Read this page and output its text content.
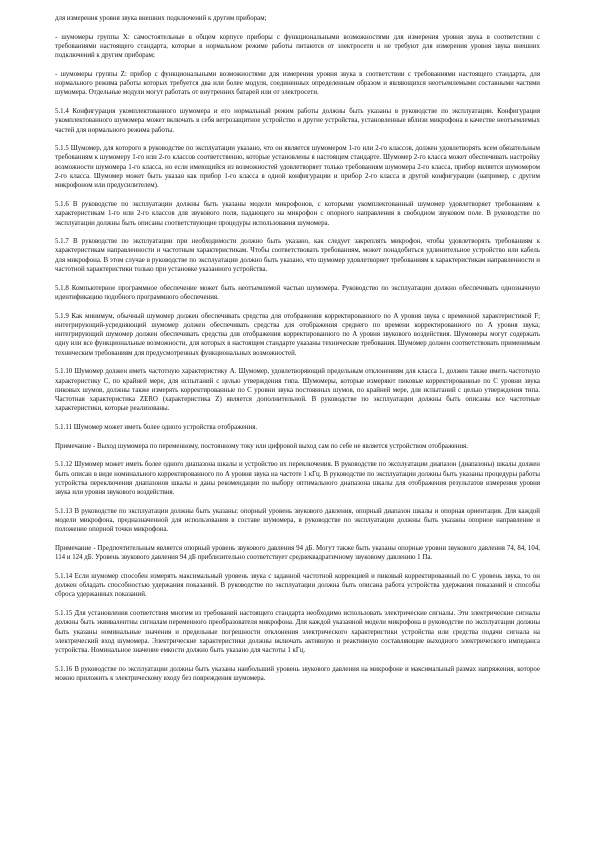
для измерения уровня звука внешних подключений к другим приборам;

- шумомеры группы X: самостоятельные в общем корпусе приборы с функциональными возможностями для измерения уровня звука в соответствии с требованиями настоящего стандарта, которые в нормальном режиме работы питаются от электросети и не требуют для измерения уровня звука внешних подключений к другим приборам;

- шумомеры группы Z: прибор с функциональными возможностями для измерения уровня звука в соответствии с требованиями настоящего стандарта, для нормального режима работы которых требуется два или более модуля, соединенных определенным образом и являющихся неотъемлемыми составными частями шумомера. Отдельные модули могут работать от внутренних батарей или от электросети.

5.1.4 Конфигурация укомплектованного шумомера и его нормальный режим работы должны быть указаны в руководстве по эксплуатации. Конфигурация укомплектованного шумомера может включать в себя ветрозащитное устройство и другие устройства, установленные вблизи микрофона в качестве неотъемлемых частей для нормального режима работы.

5.1.5 Шумомер, для которого в руководстве по эксплуатации указано, что он является шумомером 1-го или 2-го классов, должен удовлетворять всем обязательным требованиям к шумомеру 1-го или 2-го классов соответственно, которые установлены в настоящем стандарте. Шумомер 2-го класса может обеспечивать настройку возможности шумомера 1-го класса, но если имеющийся из возможностей удовлетворяет только требованиям шумомера 2-го класса, прибор является шумомером 2-го класса. Шумомер может быть указан как прибор 1-го класса в одной конфигурации и прибор 2-го класса в другой конфигурации (например, с другим микрофоном или предусилителем).

5.1.6 В руководстве по эксплуатации должны быть указаны модели микрофонов, с которыми укомплектованный шумомер удовлетворяет требованиям к характеристикам 1-го или 2-го классов для звукового поля, падающего на микрофон с опорного направления в свободном звуковом поле. В руководстве по эксплуатации должны быть описаны соответствующие процедуры использования шумомера.

5.1.7 В руководстве по эксплуатации при необходимости должно быть указано, как следует закреплять микрофон, чтобы удовлетворять требованиям к характеристикам направленности и частотным характеристикам. Чтобы соответствовать требованиям, может понадобиться удлинительное устройство или кабель для микрофона. В этом случае в руководстве по эксплуатации должно быть указано, что шумомер удовлетворяет требованиям к характеристикам направленности и частотной характеристики только при установке указанного устройства.

5.1.8 Компьютерное программное обеспечение может быть неотъемлемой частью шумомера. Руководство по эксплуатации должно обеспечивать однозначную идентификацию подобного программного обеспечения.

5.1.9 Как минимум, обычный шумомер должен обеспечивать средства для отображения корректированного по A уровня звука с временной характеристикой F; интегрирующий-усредняющий шумомер должен обеспечивать средства для отображения среднего по времени корректированного по A уровня звука; интегрирующий шумомер должен обеспечивать средства для отображения корректированного по A уровня звукового воздействия. Шумомеры могут содержать одну или все функциональные возможности, для которых в настоящем стандарте указаны технические требования. Шумомер должен соответствовать применимым техническим требованиям для предусмотренных функциональных возможностей.

5.1.10 Шумомер должен иметь частотную характеристику A. Шумомер, удовлетворяющий предельным отклонениям для класса 1, должен также иметь частотную характеристику C, по крайней мере, для испытаний с целью утверждения типа. Шумомеры, которые измеряют пиковые корректированные по C уровни звука пиковых шумов, должны также измерять корректированные по C уровни звука постоянных шумов, по крайней мере, для испытаний с целью утверждения типа. Частотная характеристика ZERO (характеристика Z) является дополнительной. В руководстве по эксплуатации должны быть описаны все частотные характеристики, которые реализованы.

5.1.11 Шумомер может иметь более одного устройства отображения.

Примечание - Выход шумомера по переменному, постоянному току или цифровой выход сам по себе не является устройством отображения.

5.1.12 Шумомер может иметь более одного диапазона шкалы и устройство их переключения. В руководстве по эксплуатации диапазон (диапазоны) шкалы должен быть описан в виде номинального корректированного по A уровня звука на частоте 1 кГц. В руководстве по эксплуатации должны быть указаны процедуры работы устройства переключения диапазонов шкалы и даны рекомендации по выбору оптимального диапазона шкалы для отображения результатов измерения уровня звука или уровня звукового воздействия.

5.1.13 В руководстве по эксплуатации должны быть указаны: опорный уровень звукового давления, опорный диапазон шкалы и опорная ориентация. Для каждой модели микрофона, предназначенной для использования в составе шумомера, в руководстве по эксплуатации должны быть указаны опорное направление и положение опорной точки микрофона.

Примечание - Предпочтительным является опорный уровень звукового давления 94 дБ. Могут также быть указаны опорные уровни звукового давления 74, 84, 104, 114 и 124 дБ. Уровень звукового давления 94 дБ приблизительно соответствует среднеквадратичному звуковому давлению 1 Па.

5.1.14 Если шумомер способен измерять максимальный уровень звука с заданной частотной коррекцией и пиковый корректированный по C уровень звука, то он должен обладать способностью удержания показаний. В руководстве по эксплуатации должна быть описана работа устройства удержания показаний и способы сброса удержанных показаний.

5.1.15 Для установления соответствия многим из требований настоящего стандарта необходимо использовать электрические сигналы. Эти электрические сигналы должны быть эквивалентны сигналам переменного преобразователя микрофона. Для каждой указанной модели микрофона в руководстве по эксплуатации должны быть указаны номинальные значения и предельные погрешности отклонения электрического характеристики устройства или средства подачи сигнала на электрический вход шумомера. Электрические характеристики должны включать активную и реактивную составляющие выходного электрического импеданса устройства. Номинальное значение емкости должно быть указано для частоты 1 кГц.

5.1.16 В руководстве по эксплуатации должны быть указаны наибольший уровень звукового давления на микрофоне и максимальный размах напряжения, которое можно приложить к электрическому входу без повреждения шумомера.
